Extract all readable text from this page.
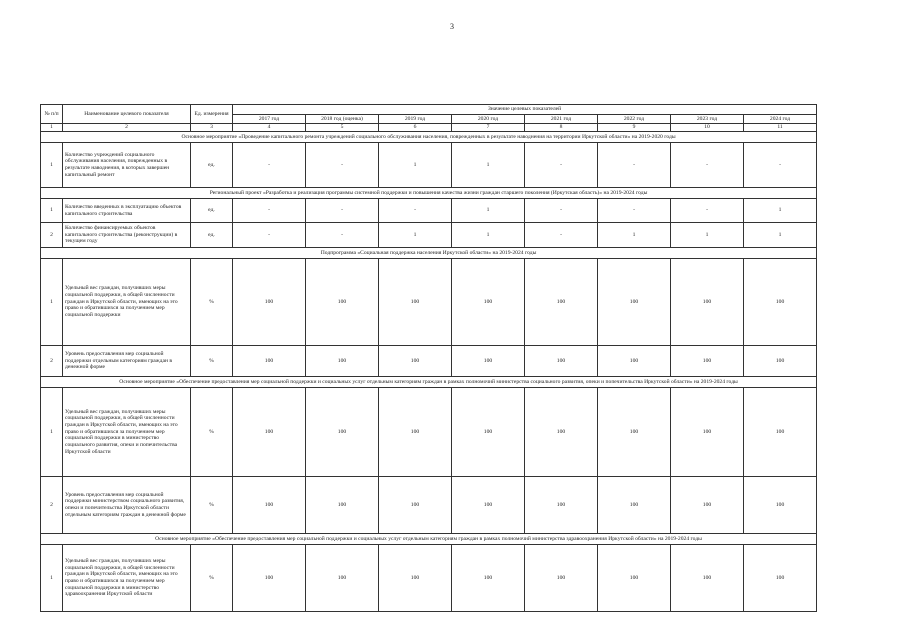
3
№ п/п	Наименование целевого показателя	Ед. измерения	Значение целевых показателей							
			2017 год	2018 год (оценка)	2019 год	2020 год	2021 год	2022 год	2023 год	2024 год
1	2	3	4	5	6	7	8	9	10	11
Основное мероприятие «Проведение капитального ремонта учреждений социального обслуживания населения, поврежденных в результате наводнения на территории Иркутской области» на 2019-2020 годы										
1	Количество учреждений социального обслуживания населения, поврежденных в результате наводнения, в которых завершен капитальный ремонт	ед.	-	-	1	1	-	-	-	-
Региональный проект «Разработка и реализация программы системной поддержки и повышения качества жизни граждан старшего поколения (Иркутская область)» на 2019-2024 годы										
1	Количество введенных в эксплуатацию объектов капитального строительства	ед.	-	-	-	1	-	-	-	1
2	Количество финансируемых объектов капитального строительства (реконструкции) в текущем году	ед.	-	-	1	1	-	1	1	1
Подпрограмма «Социальная поддержка населения Иркутской области» на 2019-2024 годы										
1	Удельный вес граждан, получивших меры социальной поддержки, в общей численности граждан в Иркутской области, имеющих на это право и обратившихся за получением мер социальной поддержки	%	100	100	100	100	100	100	100	100
2	Уровень предоставления мер социальной поддержки отдельным категориям граждан в денежной форме	%	100	100	100	100	100	100	100	100
Основное мероприятие «Обеспечение предоставления мер социальной поддержки и социальных услуг отдельным категориям граждан в рамках полномочий министерства социального развития, опеки и попечительства Иркутской области» на 2019-2024 годы										
1	Удельный вес граждан, получивших меры социальной поддержки, в общей численности граждан в Иркутской области, имеющих на это право и обратившихся за получением мер социальной поддержки в министерство социального развития, опеки и попечительства Иркутской области	%	100	100	100	100	100	100	100	100
2	Уровень предоставления мер социальной поддержки министерством социального развития, опеки и попечительства Иркутской области отдельным категориям граждан в денежной форме	%	100	100	100	100	100	100	100	100
Основное мероприятие «Обеспечение предоставления мер социальной поддержки и социальных услуг отдельным категориям граждан в рамках полномочий министерства здравоохранения Иркутской области» на 2019-2024 годы										
1	Удельный вес граждан, получивших меры социальной поддержки, в общей численности граждан в Иркутской области, имеющих на это право и обратившихся за получением мер социальной поддержки в министерство здравоохранения Иркутской области	%	100	100	100	100	100	100	100	100
